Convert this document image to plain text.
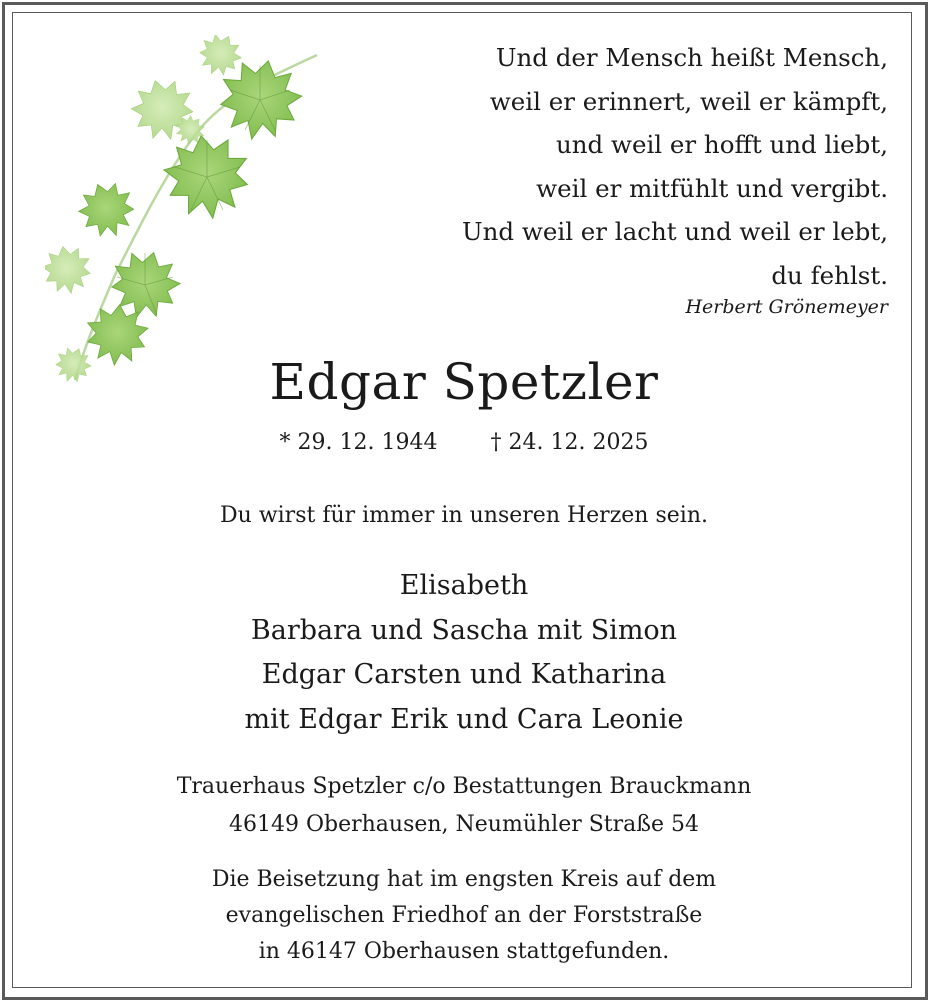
Und der Mensch heißt Mensch,
weil er erinnert, weil er kämpft,
und weil er hofft und liebt,
weil er mitfühlt und vergibt.
Und weil er lacht und weil er lebt,
du fehlst.
Herbert Grönemeyer
Edgar Spetzler
* 29. 12. 1944 † 24. 12. 2025
Du wirst für immer in unseren Herzen sein.
Elisabeth
Barbara und Sascha mit Simon
Edgar Carsten und Katharina
mit Edgar Erik und Cara Leonie
Trauerhaus Spetzler c/o Bestattungen Brauckmann
46149 Oberhausen, Neumühler Straße 54
Die Beisetzung hat im engsten Kreis auf dem
evangelischen Friedhof an der Forststraße
in 46147 Oberhausen stattgefunden.
